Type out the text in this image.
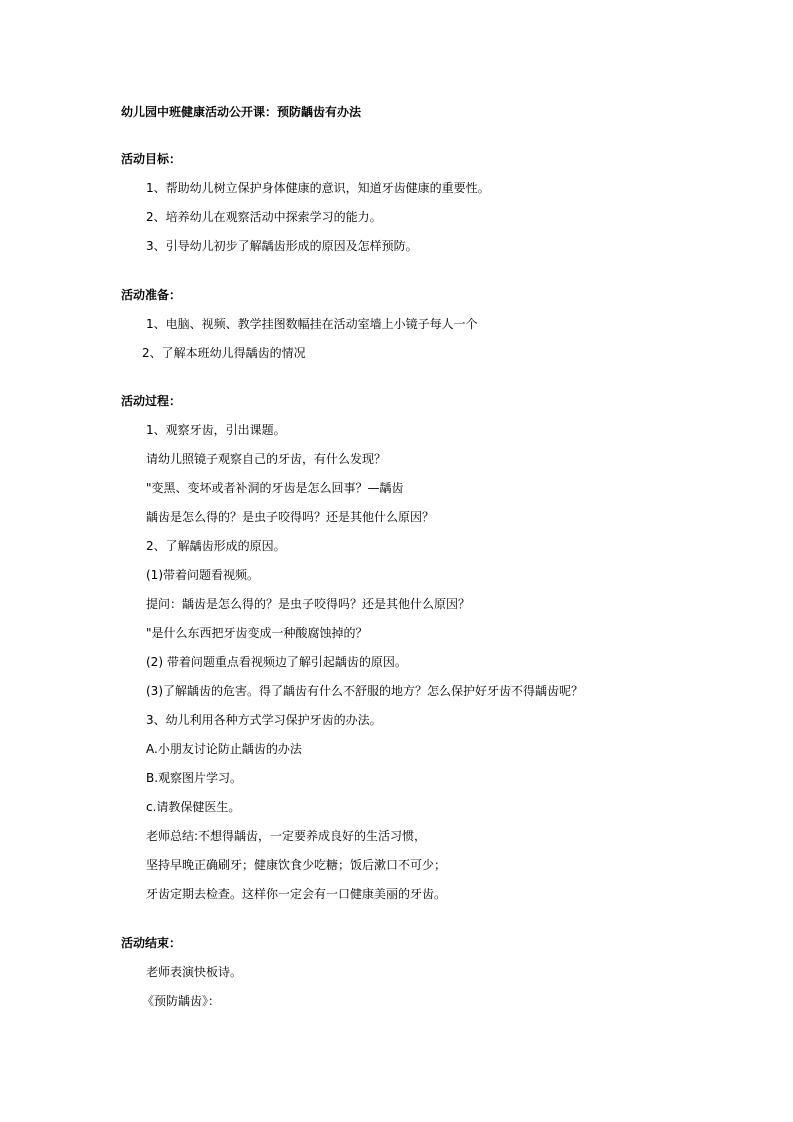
幼儿园中班健康活动公开课：预防龋齿有办法
活动目标：
1、帮助幼儿树立保护身体健康的意识，知道牙齿健康的重要性。
2、培养幼儿在观察活动中探索学习的能力。
3、引导幼儿初步了解龋齿形成的原因及怎样预防。
活动准备：
1、电脑、视频、教学挂图数幅挂在活动室墙上小镜子每人一个
2、了解本班幼儿得龋齿的情况
活动过程：
1、观察牙齿，引出课题。
请幼儿照镜子观察自己的牙齿，有什么发现？
"变黑、变坏或者补洞的牙齿是怎么回事？—龋齿
龋齿是怎么得的？是虫子咬得吗？还是其他什么原因？
2、了解龋齿形成的原因。
(1)带着问题看视频。
提问：龋齿是怎么得的？是虫子咬得吗？还是其他什么原因？
"是什么东西把牙齿变成一种酸腐蚀掉的？
(2) 带着问题重点看视频边了解引起龋齿的原因。
(3)了解龋齿的危害。得了龋齿有什么不舒服的地方？怎么保护好牙齿不得龋齿呢？
3、幼儿利用各种方式学习保护牙齿的办法。
A.小朋友讨论防止龋齿的办法
B.观察图片学习。
c.请教保健医生。
老师总结:不想得龋齿，一定要养成良好的生活习惯，
坚持早晚正确刷牙；健康饮食少吃糖；饭后漱口不可少；
牙齿定期去检查。这样你一定会有一口健康美丽的牙齿。
活动结束：
老师表演快板诗。
《预防龋齿》：
